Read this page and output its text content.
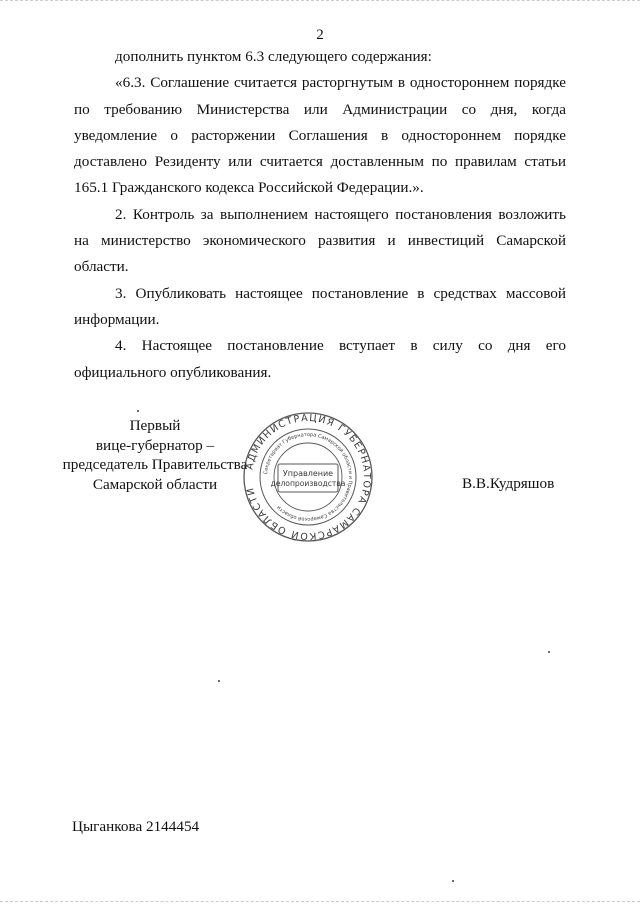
2

дополнить пунктом 6.3 следующего содержания:

«6.3. Соглашение считается расторгнутым в одностороннем порядке по требованию Министерства или Администрации со дня, когда уведомление о расторжении Соглашения в одностороннем порядке доставлено Резиденту или считается доставленным по правилам статьи 165.1 Гражданского кодекса Российской Федерации.».

2. Контроль за выполнением настоящего постановления возложить на министерство экономического развития и инвестиций Самарской области.

3. Опубликовать настоящее постановление в средствах массовой информации.

4. Настоящее постановление вступает в силу со дня его официального опубликования.

Первый
вице-губернатор –
председатель Правительства
Самарской области
АДМИНИСТРАЦИЯ ГУБЕРНАТОРА САМАРСКОЙ ОБЛАСТИ
Секретариат Губернатора Самарской области и Правительства Самарской области
Управление
делопроизводства	В.В.Кудряшов
Цыганкова 2144454
